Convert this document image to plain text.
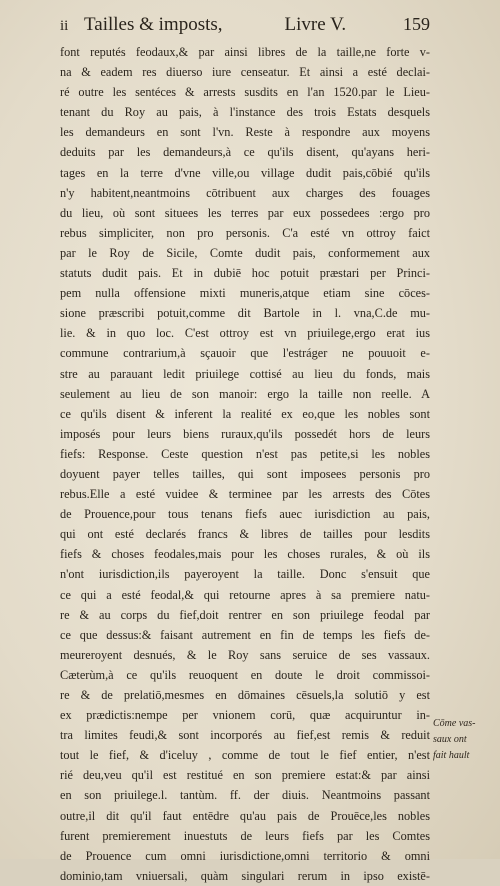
ii Tailles & imposts,	Livre V.	159
font reputés feodaux,& par ainsi libres de la taille,ne forte v-
na & eadem res diuerso iure censeatur. Et ainsi a esté declai-
ré outre les sentéces & arrests susdits en l'an 1520.par le Lieu-
tenant du Roy au pais, à l'instance des trois Estats desquels
les demandeurs en sont l'vn. Reste à respondre aux moyens
deduits par les demandeurs,à ce qu'ils disent, qu'ayans heri-
tages en la terre d'vne ville,ou village dudit pais,cōbié qu'ils
n'y habitent,neantmoins cōtribuent aux charges des fouages
du lieu, où sont situees les terres par eux possedees :ergo pro
rebus simpliciter, non pro personis. C'a esté vn ottroy faict
par le Roy de Sicile, Comte dudit pais, conformement aux
statuts dudit pais. Et in dubiē hoc potuit præstari per Princi-
pem nulla offensione mixti muneris,atque etiam sine cōces-
sione præscribi potuit,comme dit Bartole in l. vna,C.de mu-
lie. & in quo loc. C'est ottroy est vn priuilege,ergo erat ius
commune contrarium,à sçauoir que l'estráger ne pouuoit e-
stre au parauant ledit priuilege cottisé au lieu du fonds, mais
seulement au lieu de son manoir: ergo la taille non reelle. A
ce qu'ils disent & inferent la realité ex eo,que les nobles sont
imposés pour leurs biens ruraux,qu'ils possedét hors de leurs
fiefs: Response. Ceste question n'est pas petite,si les nobles
doyuent payer telles tailles, qui sont imposees personis pro
rebus.Elle a esté vuidee & terminee par les arrests des Cōtes
de Prouence,pour tous tenans fiefs auec iurisdiction au pais,
qui ont esté declarés francs & libres de tailles pour lesdits
fiefs & choses feodales,mais pour les choses rurales, & où ils
n'ont iurisdiction,ils payeroyent la taille. Donc s'ensuit que
ce qui a esté feodal,& qui retourne apres à sa premiere natu-
re & au corps du fief,doit rentrer en son priuilege feodal par
ce que dessus:& faisant autrement en fin de temps les fiefs de-
meureroyent desnués, & le Roy sans seruice de ses vassaux.
Cæterùm,à ce qu'ils reuoquent en doute le droit commissoi-
re & de prelatiō,mesmes en dōmaines cēsuels,la solutiō y est
ex prædictis:nempe per vnionem corū, quæ acquiruntur in-
tra limites feudi,& sont incorporés au fief,est remis & reduit
tout le fief, & d'iceluy , comme de tout le fief entier, n'est
rié deu,veu qu'il est restitué en son premiere estat:& par ainsi
en son priuilege.l. tantùm. ff. der diuis. Neantmoins passant
outre,il dit qu'il faut entēdre qu'au pais de Prouēce,les nobles
furent premierement inuestuts de leurs fiefs par les Comtes
de Prouence cum omni iurisdictione,omni territorio & omni
dominio,tam vniuersali, quàm singulari rerum in ipso existē-
Cōme vas-
saux ont
fait hault
